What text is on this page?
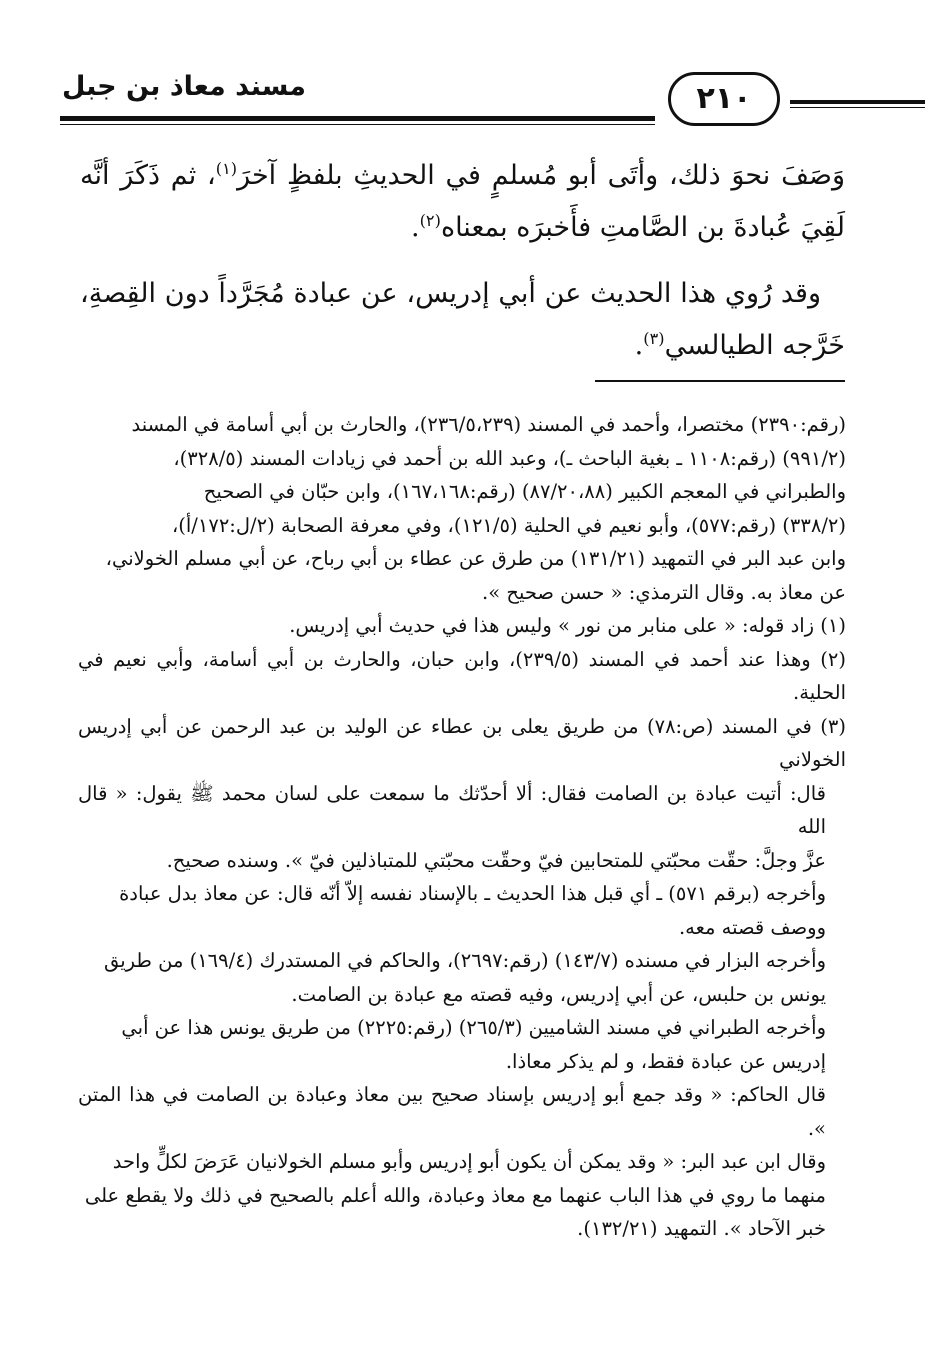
مسند معاذ بن جبل	٢١٠

وَصَفَ نحوَ ذلك، وأتَى أبو مُسلمٍ في الحديثِ بلفظٍ آخرَ$^{(١)}$، ثم ذَكَرَ أنَّه لَقِيَ عُبادةَ بن الصَّامتِ فأَخبرَه بمعناه$^{(٢)}$.

وقد رُوي هذا الحديث عن أبي إدريس، عن عبادة مُجَرَّداً دون القِصةِ، خَرَّجه الطيالسي$^{(٣)}$.

(رقم:٢٣٩٠) مختصرا، وأحمد في المسند (٢٣٦/٥،٢٣٩)، والحارث بن أبي أسامة في المسند

(٩٩١/٢) (رقم:١١٠٨ ـ بغية الباحث ـ)، وعبد الله بن أحمد في زيادات المسند (٣٢٨/٥)،

والطبراني في المعجم الكبير (٨٧/٢٠،٨٨) (رقم:١٦٧،١٦٨)، وابن حبّان في الصحيح

(٣٣٨/٢) (رقم:٥٧٧)، وأبو نعيم في الحلية (١٢١/٥)، وفي معرفة الصحابة (٢/ل:١٧٢/أ)،

وابن عبد البر في التمهيد (١٣١/٢١) من طرق عن عطاء بن أبي رباح، عن أبي مسلم الخولاني،

عن معاذ به. وقال الترمذي: « حسن صحيح ».

(١) زاد قوله: « على منابر من نور » وليس هذا في حديث أبي إدريس.

(٢) وهذا عند أحمد في المسند (٢٣٩/٥)، وابن حبان، والحارث بن أبي أسامة، وأبي نعيم في الحلية.

(٣) في المسند (ص:٧٨) من طريق يعلى بن عطاء عن الوليد بن عبد الرحمن عن أبي إدريس الخولاني

قال: أتيت عبادة بن الصامت فقال: ألا أحدّثك ما سمعت على لسان محمد ﷺ يقول: « قال الله

عزَّ وجلَّ: حقّت محبّتي للمتحابين فيّ وحقّت محبّتي للمتباذلين فيّ ». وسنده صحيح.

وأخرجه (برقم ٥٧١) ـ أي قبل هذا الحديث ـ بالإسناد نفسه إلاّ أنّه قال: عن معاذ بدل عبادة

ووصف قصته معه.

وأخرجه البزار في مسنده (١٤٣/٧) (رقم:٢٦٩٧)، والحاكم في المستدرك (١٦٩/٤) من طريق

يونس بن حلبس، عن أبي إدريس، وفيه قصته مع عبادة بن الصامت.

وأخرجه الطبراني في مسند الشاميين (٢٦٥/٣) (رقم:٢٢٢٥) من طريق يونس هذا عن أبي

إدريس عن عبادة فقط، و لم يذكر معاذا.

قال الحاكم: « وقد جمع أبو إدريس بإسناد صحيح بين معاذ وعبادة بن الصامت في هذا المتن ».

وقال ابن عبد البر: « وقد يمكن أن يكون أبو إدريس وأبو مسلم الخولانيان عَرَضَ لكلٍّ واحد

منهما ما روي في هذا الباب عنهما مع معاذ وعبادة، والله أعلم بالصحيح في ذلك ولا يقطع على

خبر الآحاد ». التمهيد (١٣٢/٢١).
